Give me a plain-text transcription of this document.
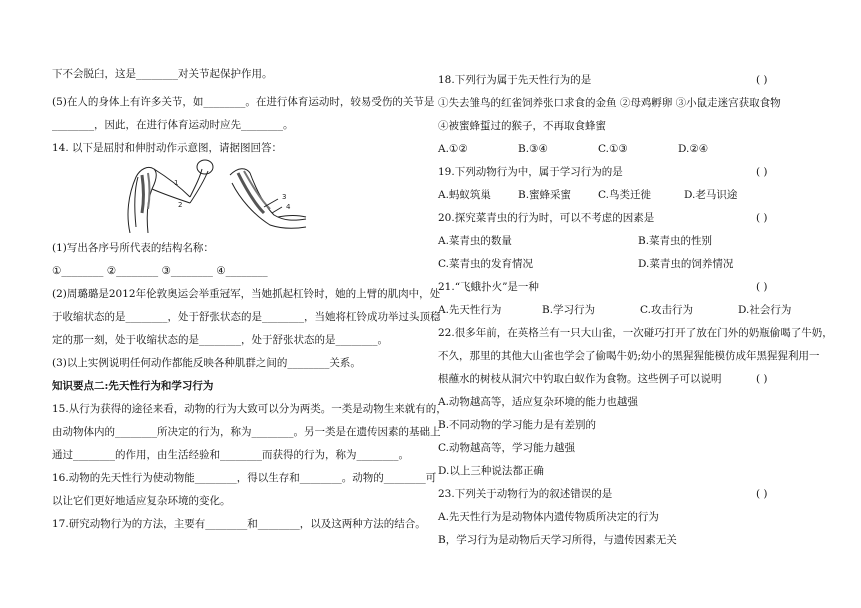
下不会脱臼，这是________对关节起保护作用。
(5)在人的身体上有许多关节，如________。在进行体育运动时，较易受伤的关节是
________，因此，在进行体育运动时应先________。
14. 以下是屈肘和伸肘动作示意图，请据图回答：
(1)写出各序号所代表的结构名称：
①________ ②________ ③________ ④________
(2)周璐璐是2012年伦敦奥运会举重冠军，当她抓起杠铃时，她的上臂的肌肉中，处
于收缩状态的是________，处于舒张状态的是________，当她将杠铃成功举过头顶稳
定的那一刻，处于收缩状态的是________，处于舒张状态的是________。
(3)以上实例说明任何动作都能反映各种肌群之间的________关系。
知识要点二:先天性行为和学习行为
15.从行为获得的途径来看，动物的行为大致可以分为两类。一类是动物生来就有的，
由动物体内的________所决定的行为，称为________。另一类是在遗传因素的基础上
通过________的作用，由生活经验和________而获得的行为，称为________。
16.动物的先天性行为使动物能________，得以生存和________。动物的________可
以让它们更好地适应复杂环境的变化。
17.研究动物行为的方法，主要有________和________，以及这两种方法的结合。
1
2
3
4
18.下列行为属于先天性行为的是	( )
①失去雏鸟的红雀饲养张口求食的金鱼 ②母鸡孵卵 ③小鼠走迷宫获取食物
④被蜜蜂蜇过的猴子，不再取食蜂蜜
A.①②	B.③④	C.①③	D.②④
19.下列动物行为中，属于学习行为的是	( )
A.蚂蚁筑巢	B.蜜蜂采蜜	C.鸟类迁徙	D.老马识途
20.探究菜青虫的行为时，可以不考虑的因素是	( )
A.菜青虫的数量	B.菜青虫的性别
C.菜青虫的发育情况	D.菜青虫的饲养情况
21.“飞蛾扑火”是一种	( )
A.先天性行为	B.学习行为	C.攻击行为	D.社会行为
22.很多年前，在英格兰有一只大山雀，一次碰巧打开了放在门外的奶瓶偷喝了牛奶，
不久，那里的其他大山雀也学会了偷喝牛奶;幼小的黑猩猩能模仿成年黑猩猩利用一
根蘸水的树枝从洞穴中钓取白蚁作为食物。这些例子可以说明	( )
A.动物越高等，适应复杂环境的能力也越强
B.不同动物的学习能力是有差别的
C.动物越高等，学习能力越强
D.以上三种说法都正确
23.下列关于动物行为的叙述错误的是	( )
A.先天性行为是动物体内遗传物质所决定的行为
B，学习行为是动物后天学习所得，与遗传因素无关
